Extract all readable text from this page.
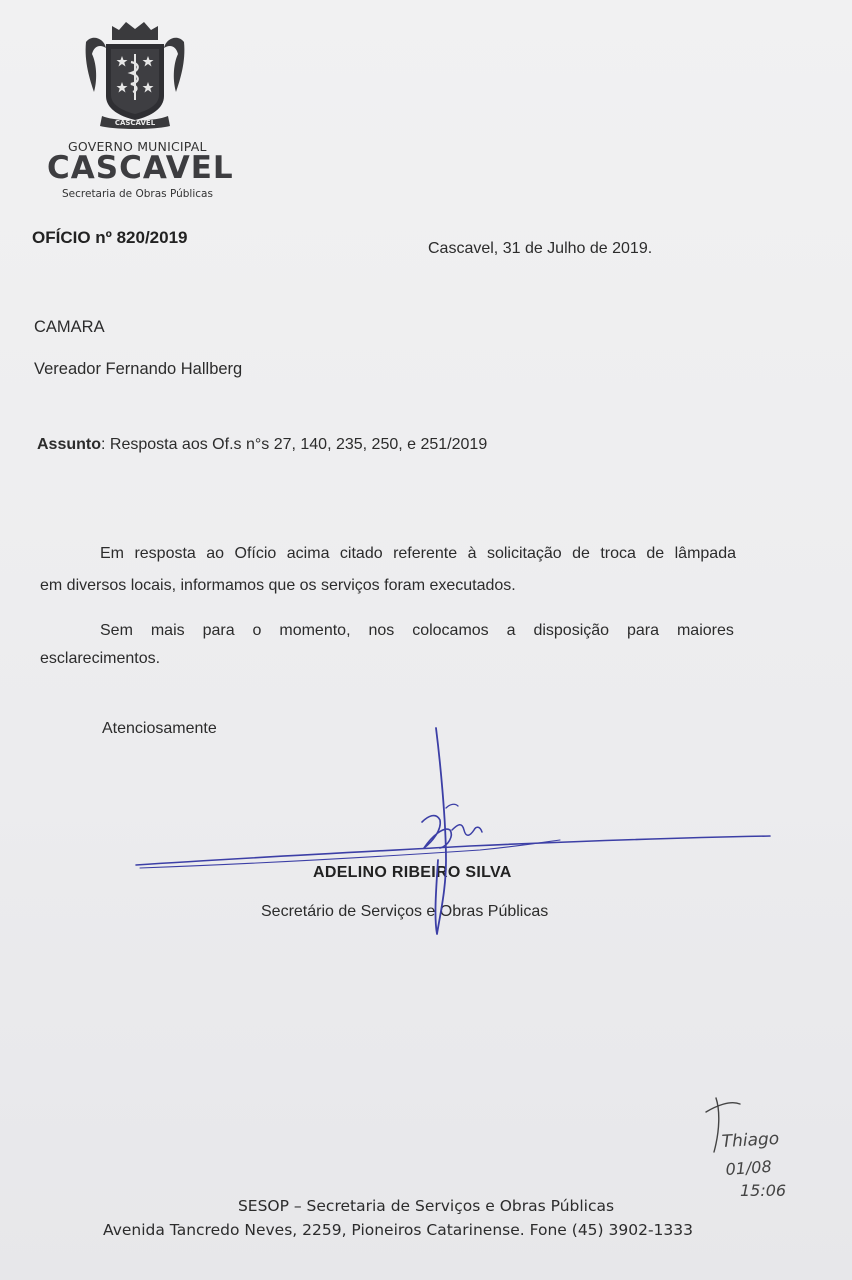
CASCAVEL
GOVERNO MUNICIPAL
CASCAVEL
Secretaria de Obras Públicas
OFÍCIO nº 820/2019
Cascavel, 31 de Julho de 2019.
CAMARA
Vereador Fernando Hallberg
Assunto: Resposta aos Of.s n°s 27, 140, 235, 250, e 251/2019
Em resposta ao Ofício acima citado referente à solicitação de troca de lâmpada
em diversos locais, informamos que os serviços foram executados.
Sem mais para o momento, nos colocamos a disposição para maiores
esclarecimentos.
Atenciosamente
ADELINO RIBEIRO SILVA
Secretário de Serviços e Obras Públicas
Thiago
01/08
15:06
SESOP – Secretaria de Serviços e Obras Públicas
Avenida Tancredo Neves, 2259, Pioneiros Catarinense. Fone (45) 3902-1333
